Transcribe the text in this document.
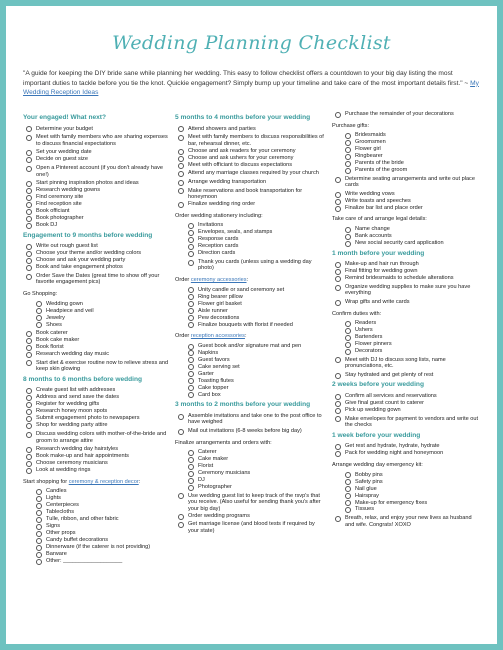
Wedding Planning Checklist
"A guide for keeping the DIY bride sane while planning her wedding. This easy to follow checklist offers a countdown to your big day listing the most important duties to tackle before you tie the knot. Quickie engagement? Simply bump up your timeline and take care of the most important details first." ~ My Wedding Reception Ideas
Your engaged! What next?
Determine your budget
Meet with family members who are sharing expenses to discuss financial expectations
Set your wedding date
Decide on guest size
Open a Pinterest account (if you don't already have one!)
Start pinning inspiration photos and ideas
Research wedding gowns
Find ceremony site
Find reception site
Book officiant
Book photographer
Book DJ
Engagement to 9 months before wedding
Write out rough guest list
Choose your theme and/or wedding colors
Choose and ask your wedding party
Book and take engagement photos
Order Save the Dates (great time to show off your favorite engagement pics)
Go Shopping:
Wedding gown
Headpiece and veil
Jewelry
Shoes
Book caterer
Book cake maker
Book florist
Research wedding day music
Start diet & exercise routine now to relieve stress and keep skin glowing
8 months to 6 months before wedding
Create guest list with addresses
Address and send save the dates
Register for wedding gifts
Research honey moon spots
Submit engagement photo to newspapers
Shop for wedding party attire
Discuss wedding colors with mother-of-the-bride and groom to arrange attire
Research wedding day hairstyles
Book make-up and hair appointments
Choose ceremony musicians
Look at wedding rings
Start shopping for ceremony & reception decor:
Candles
Lights
Centerpieces
Tablecloths
Tulle, ribbon, and other fabric
Signs
Other props
Candy buffet decorations
Dinnerware (if the caterer is not providing)
Barware
Other: ___________________
5 months to 4 months before your wedding
Attend showers and parties
Meet with family members to discuss responsibilities of bar, rehearsal dinner, etc.
Choose and ask readers for your ceremony
Choose and ask ushers for your ceremony
Meet with officiant to discuss expectations
Attend any marriage classes required by your church
Arrange wedding transportation
Make reservations and book transportation for honeymoon
Finalize wedding ring order
Order wedding stationery including:
Invitations
Envelopes, seals, and stamps
Response cards
Reception cards
Direction cards
Thank you cards (unless using a wedding day photo)
Order ceremony accessories:
Unity candle or sand ceremony set
Ring bearer pillow
Flower girl basket
Aisle runner
Pew decorations
Finalize bouquets with florist if needed
Order reception accessories:
Guest book and/or signature mat and pen
Napkins
Guest favors
Cake serving set
Garter
Toasting flutes
Cake topper
Card box
3 months to 2 months before your wedding
Assemble invitations and take one to the post office to have weighed
Mail out invitations (6-8 weeks before big day)
Finalize arrangements and orders with:
Caterer
Cake maker
Florist
Ceremony musicians
DJ
Photographer
Use wedding guest list to keep track of the rsvp's that you receive. (Also useful for sending thank you's after your big day)
Order wedding programs
Get marriage license (and blood tests if required by your state)
Purchase the remainder of your decorations
Purchase gifts:
Bridesmaids
Groomsmen
Flower girl
Ringbearer
Parents of the bride
Parents of the groom
Determine seating arrangements and write out place cards
Write wedding vows
Write toasts and speeches
Finalize bar list and place order
Take care of and arrange legal details:
Name change
Bank accounts
New social security card application
1 month before your wedding
Make-up and hair run through
Final fitting for wedding gown
Remind bridesmaids to schedule alterations
Organize wedding supplies to make sure you have everything
Wrap gifts and write cards
Confirm duties with:
Readers
Ushers
Bartenders
Flower pinners
Decorators
Meet with DJ to discuss song lists, name pronunciations, etc.
Stay hydrated and get plenty of rest
2 weeks before your wedding
Confirm all services and reservations
Give final guest count to caterer
Pick up wedding gown
Make envelopes for payment to vendors and write out the checks
1 week before your wedding
Get rest and hydrate, hydrate, hydrate
Pack for wedding night and honeymoon
Arrange wedding day emergency kit:
Bobby pins
Safety pins
Nail glue
Hairspray
Make-up for emergency fixes
Tissues
Breath, relax, and enjoy your new lives as husband and wife. Congrats! XOXO
